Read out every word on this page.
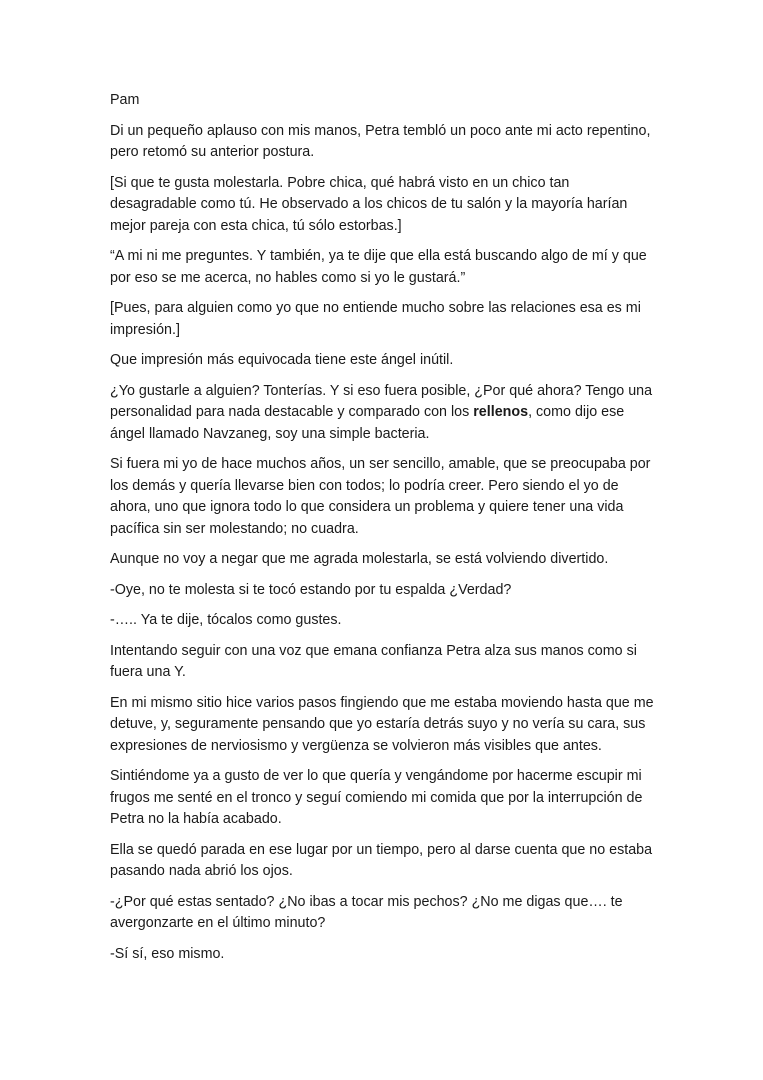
Pam

Di un pequeño aplauso con mis manos, Petra tembló un poco ante mi acto repentino, pero retomó su anterior postura.

[Si que te gusta molestarla. Pobre chica, qué habrá visto en un chico tan desagradable como tú. He observado a los chicos de tu salón y la mayoría harían mejor pareja con esta chica, tú sólo estorbas.]

“A mi ni me preguntes. Y también, ya te dije que ella está buscando algo de mí y que por eso se me acerca, no hables como si yo le gustará.”

[Pues, para alguien como yo que no entiende mucho sobre las relaciones esa es mi impresión.]

Que impresión más equivocada tiene este ángel inútil.

¿Yo gustarle a alguien? Tonterías. Y si eso fuera posible, ¿Por qué ahora? Tengo una personalidad para nada destacable y comparado con los rellenos, como dijo ese ángel llamado Navzaneg, soy una simple bacteria.

Si fuera mi yo de hace muchos años, un ser sencillo, amable, que se preocupaba por los demás y quería llevarse bien con todos; lo podría creer. Pero siendo el yo de ahora, uno que ignora todo lo que considera un problema y quiere tener una vida pacífica sin ser molestando; no cuadra.

Aunque no voy a negar que me agrada molestarla, se está volviendo divertido.

-Oye, no te molesta si te tocó estando por tu espalda ¿Verdad?

-….. Ya te dije, tócalos como gustes.

Intentando seguir con una voz que emana confianza Petra alza sus manos como si fuera una Y.

En mi mismo sitio hice varios pasos fingiendo que me estaba moviendo hasta que me detuve, y, seguramente pensando que yo estaría detrás suyo y no vería su cara, sus expresiones de nerviosismo y vergüenza se volvieron más visibles que antes.

Sintiéndome ya a gusto de ver lo que quería y vengándome por hacerme escupir mi frugos me senté en el tronco y seguí comiendo mi comida que por la interrupción de Petra no la había acabado.

Ella se quedó parada en ese lugar por un tiempo, pero al darse cuenta que no estaba pasando nada abrió los ojos.

-¿Por qué estas sentado? ¿No ibas a tocar mis pechos? ¿No me digas que…. te avergonzarte en el último minuto?

-Sí sí, eso mismo.
